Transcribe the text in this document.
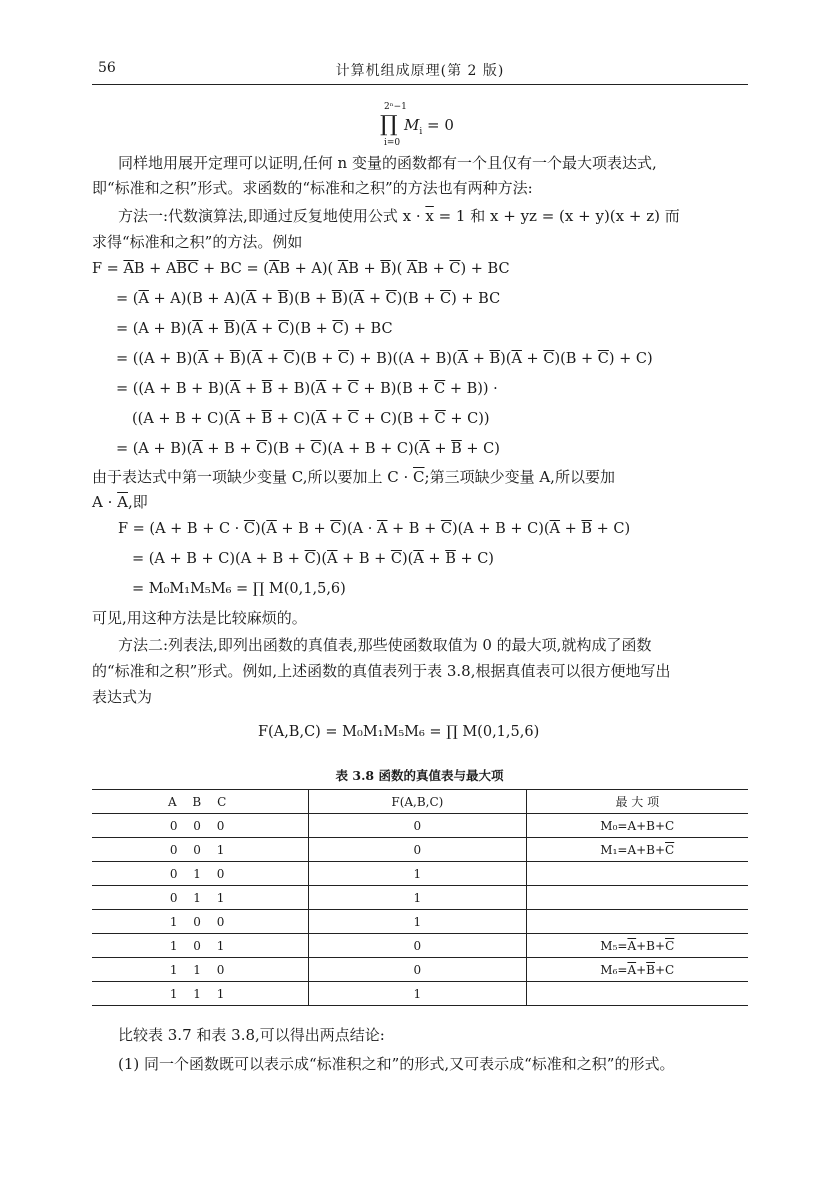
56	计算机组成原理(第 2 版)
2ⁿ−1
∏
i=0
$M_i = 0$
同样地用展开定理可以证明,任何 n 变量的函数都有一个且仅有一个最大项表达式,
即“标准和之积”形式。求函数的“标准和之积”的方法也有两种方法:
方法一:代数演算法,即通过反复地使用公式 $x \cdot \overline{x} = 1$ 和 x + yz = (x + y)(x + z) 而
求得“标准和之积”的方法。例如
$F = \overline{A}B + A\overline{BC}$ + BC = $(\overline{A}B + A)$( $\overline{A}B + \overline{B}$)( $\overline{A}B + \overline{C}$) + BC
= $(\overline{A} + A)(B + A)(\overline{A} + \overline{B})(B + \overline{B})(\overline{A} + \overline{C})(B + \overline{C})$ + BC
= $(A + B)(\overline{A} + \overline{B})(\overline{A} + \overline{C})(B + \overline{C})$ + BC
= $((A + B)(\overline{A} + \overline{B})(\overline{A} + \overline{C})(B + \overline{C}) + B)((A + B)(\overline{A} + \overline{B})(\overline{A} + \overline{C})(B + \overline{C}) + C)$
= $((A + B + B)(\overline{A} + \overline{B} + B)(\overline{A} + \overline{C} + B)(B + \overline{C} + B))$ ·
$((A + B + C)(\overline{A} + \overline{B} + C)(\overline{A} + \overline{C} + C)(B + \overline{C} + C))$
= $(A + B)(\overline{A} + B + \overline{C})(B + \overline{C})(A + B + C)(\overline{A} + \overline{B} + C)$
由于表达式中第一项缺少变量 C,所以要加上 $C \cdot \overline{C}$;第三项缺少变量 A,所以要加
$A \cdot \overline{A}$,即
$F = (A + B + C \cdot \overline{C})(\overline{A} + B + \overline{C})(A \cdot \overline{A} + B + \overline{C})(A + B + C)(\overline{A} + \overline{B} + C)$
= $(A + B + C)(A + B + \overline{C})(\overline{A} + B + \overline{C})(\overline{A} + \overline{B} + C)$
= M₀M₁M₅M₆ = ∏ M(0,1,5,6)
可见,用这种方法是比较麻烦的。
方法二:列表法,即列出函数的真值表,那些使函数取值为 0 的最大项,就构成了函数
的“标准和之积”形式。例如,上述函数的真值表列于表 3.8,根据真值表可以很方便地写出
表达式为
F(A,B,C) = M₀M₁M₅M₆ = ∏ M(0,1,5,6)
表 3.8 函数的真值表与最大项
A B C	F(A,B,C)	最 大 项
0 0 0	0	M₀=A+B+C
0 0 1	0	$M_1=A+B+\overline{C}$
0 1 0	1	
0 1 1	1	
1 0 0	1	
1 0 1	0	$M_5=\overline{A}+B+\overline{C}$
1 1 0	0	$M_6=\overline{A}+\overline{B}+C$
1 1 1	1	
比较表 3.7 和表 3.8,可以得出两点结论:
(1) 同一个函数既可以表示成“标准积之和”的形式,又可表示成“标准和之积”的形式。
